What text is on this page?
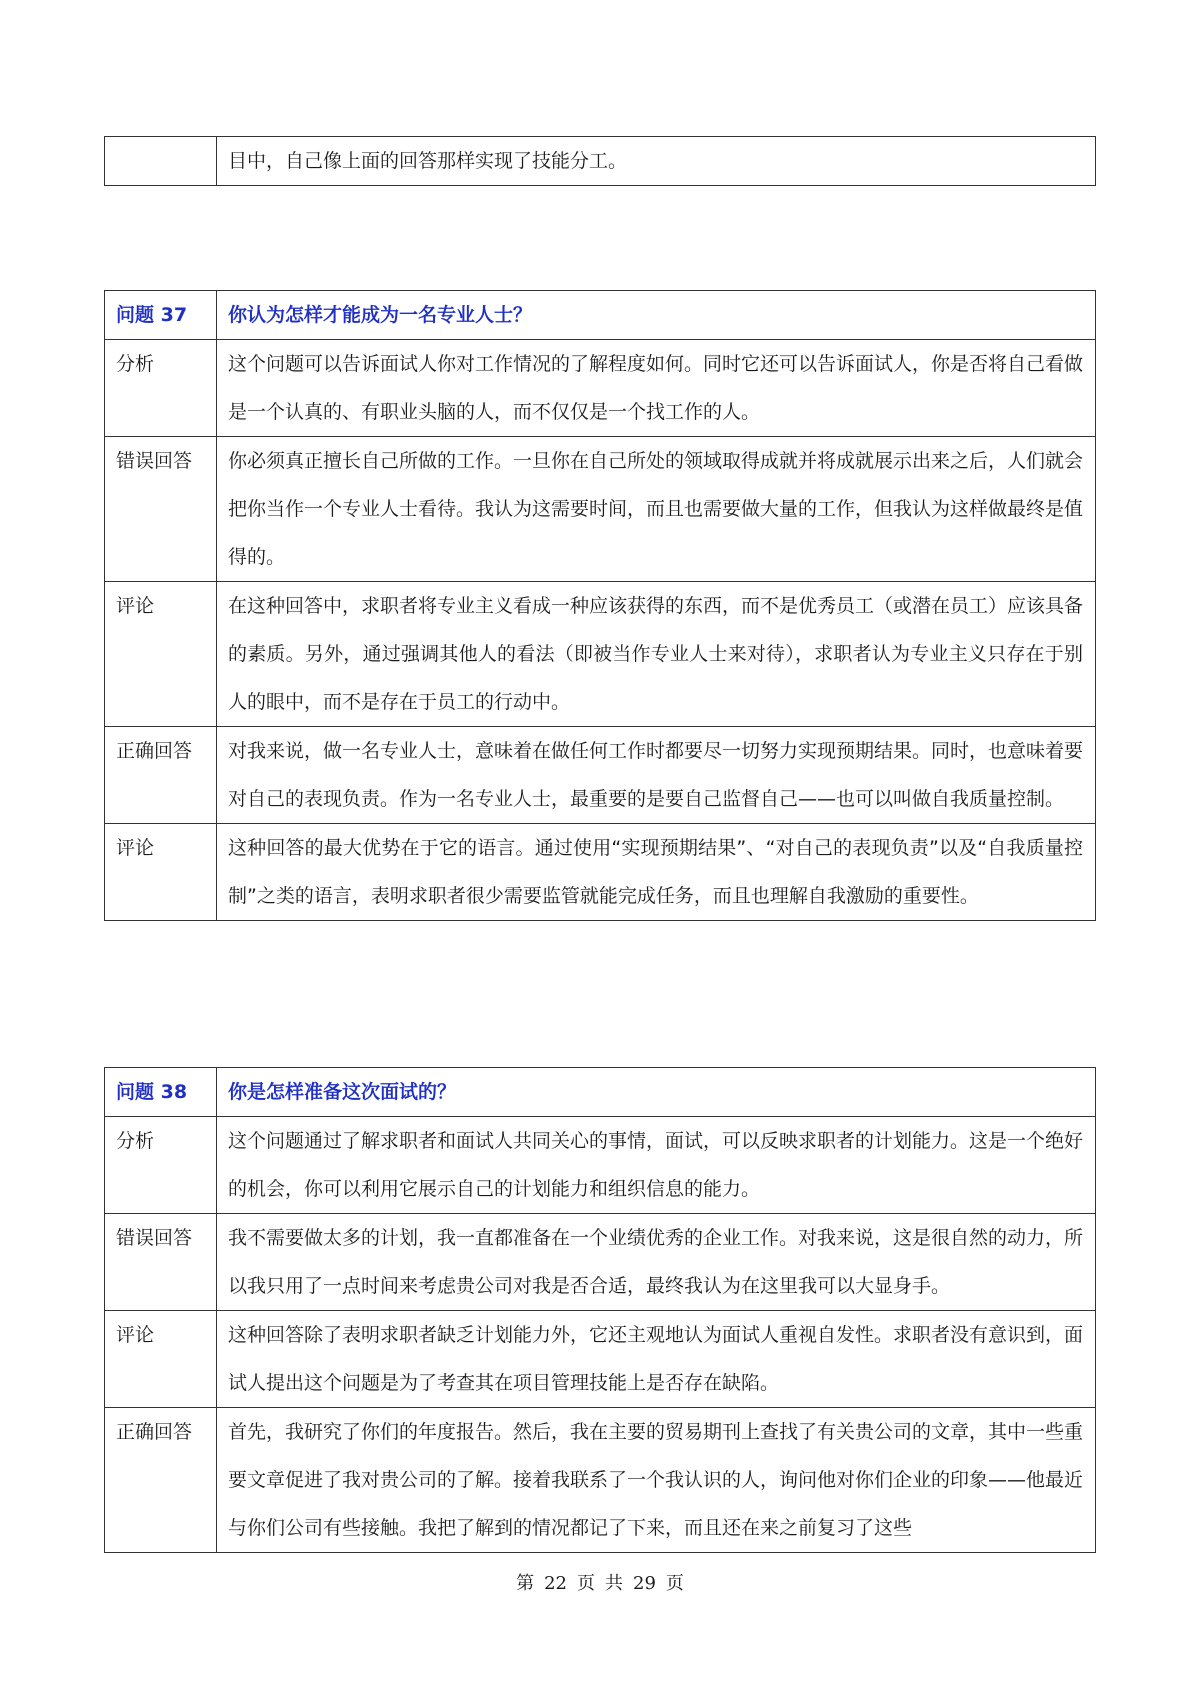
	目中，自己像上面的回答那样实现了技能分工。
问题 37	你认为怎样才能成为一名专业人士？
分析	这个问题可以告诉面试人你对工作情况的了解程度如何。同时它还可以告诉面试人，你是否将自己看做是一个认真的、有职业头脑的人，而不仅仅是一个找工作的人。
错误回答	你必须真正擅长自己所做的工作。一旦你在自己所处的领域取得成就并将成就展示出来之后，人们就会把你当作一个专业人士看待。我认为这需要时间，而且也需要做大量的工作，但我认为这样做最终是值得的。
评论	在这种回答中，求职者将专业主义看成一种应该获得的东西，而不是优秀员工（或潜在员工）应该具备的素质。另外，通过强调其他人的看法（即被当作专业人士来对待），求职者认为专业主义只存在于别人的眼中，而不是存在于员工的行动中。
正确回答	对我来说，做一名专业人士，意味着在做任何工作时都要尽一切努力实现预期结果。同时，也意味着要对自己的表现负责。作为一名专业人士，最重要的是要自己监督自己——也可以叫做自我质量控制。
评论	这种回答的最大优势在于它的语言。通过使用“实现预期结果”、“对自己的表现负责”以及“自我质量控制”之类的语言，表明求职者很少需要监管就能完成任务，而且也理解自我激励的重要性。
问题 38	你是怎样准备这次面试的？
分析	这个问题通过了解求职者和面试人共同关心的事情，面试，可以反映求职者的计划能力。这是一个绝好的机会，你可以利用它展示自己的计划能力和组织信息的能力。
错误回答	我不需要做太多的计划，我一直都准备在一个业绩优秀的企业工作。对我来说，这是很自然的动力，所以我只用了一点时间来考虑贵公司对我是否合适，最终我认为在这里我可以大显身手。
评论	这种回答除了表明求职者缺乏计划能力外，它还主观地认为面试人重视自发性。求职者没有意识到，面试人提出这个问题是为了考查其在项目管理技能上是否存在缺陷。
正确回答	首先，我研究了你们的年度报告。然后，我在主要的贸易期刊上查找了有关贵公司的文章，其中一些重要文章促进了我对贵公司的了解。接着我联系了一个我认识的人，询问他对你们企业的印象——他最近与你们公司有些接触。我把了解到的情况都记了下来，而且还在来之前复习了这些
第 22 页 共 29 页
